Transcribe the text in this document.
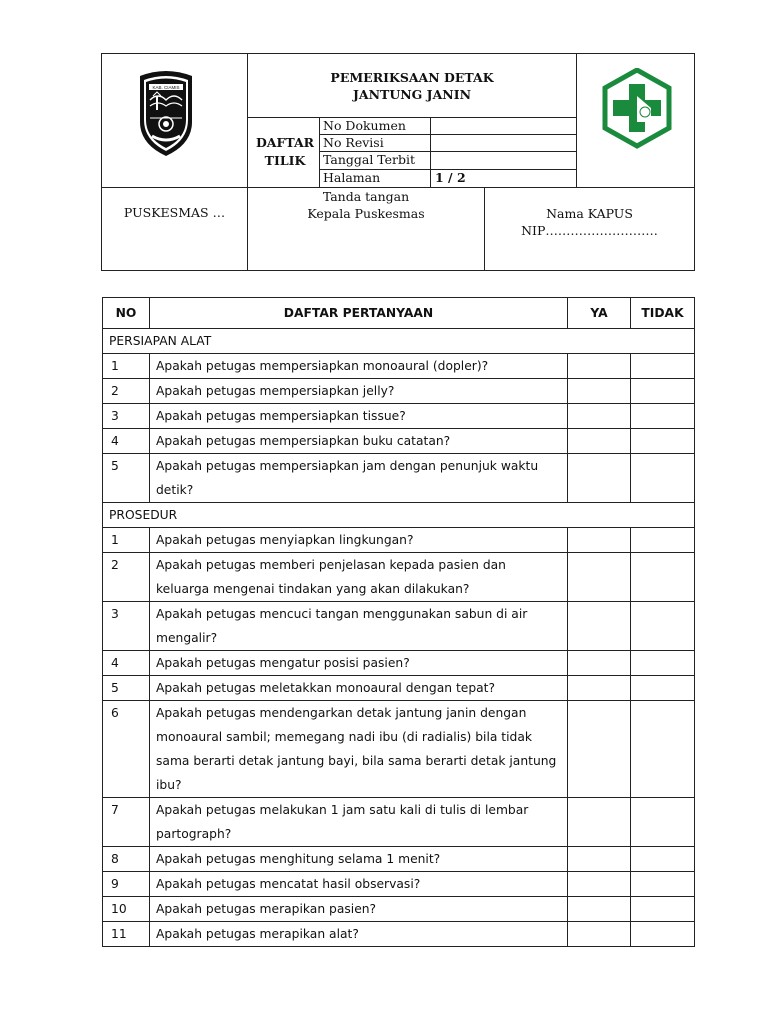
KAB. CIAMIS
PEMERIKSAAN DETAK
JANTUNG JANIN
DAFTAR
TILIK
No Dokumen
No Revisi
Tanggal Terbit
Halaman	1 / 2
PUSKESMAS …
Tanda tangan
Kepala Puskesmas	Nama KAPUS
NIP………………………
NO	DAFTAR PERTANYAAN	YA	TIDAK
PERSIAPAN ALAT			
1	Apakah petugas mempersiapkan monoaural (dopler)?		
2	Apakah petugas mempersiapkan jelly?		
3	Apakah petugas mempersiapkan tissue?		
4	Apakah petugas mempersiapkan buku catatan?		
5	Apakah petugas mempersiapkan jam dengan penunjuk waktu detik?		
PROSEDUR			
1	Apakah petugas menyiapkan lingkungan?		
2	Apakah petugas memberi penjelasan kepada pasien dan keluarga mengenai tindakan yang akan dilakukan?		
3	Apakah petugas mencuci tangan menggunakan sabun di air mengalir?		
4	Apakah petugas mengatur posisi pasien?		
5	Apakah petugas meletakkan monoaural dengan tepat?		
6	Apakah petugas mendengarkan detak jantung janin dengan monoaural sambil; memegang nadi ibu (di radialis) bila tidak sama berarti detak jantung bayi, bila sama berarti detak jantung ibu?		
7	Apakah petugas melakukan 1 jam satu kali di tulis di lembar partograph?		
8	Apakah petugas menghitung selama 1 menit?		
9	Apakah petugas mencatat hasil observasi?		
10	Apakah petugas merapikan pasien?		
11	Apakah petugas merapikan alat?		
